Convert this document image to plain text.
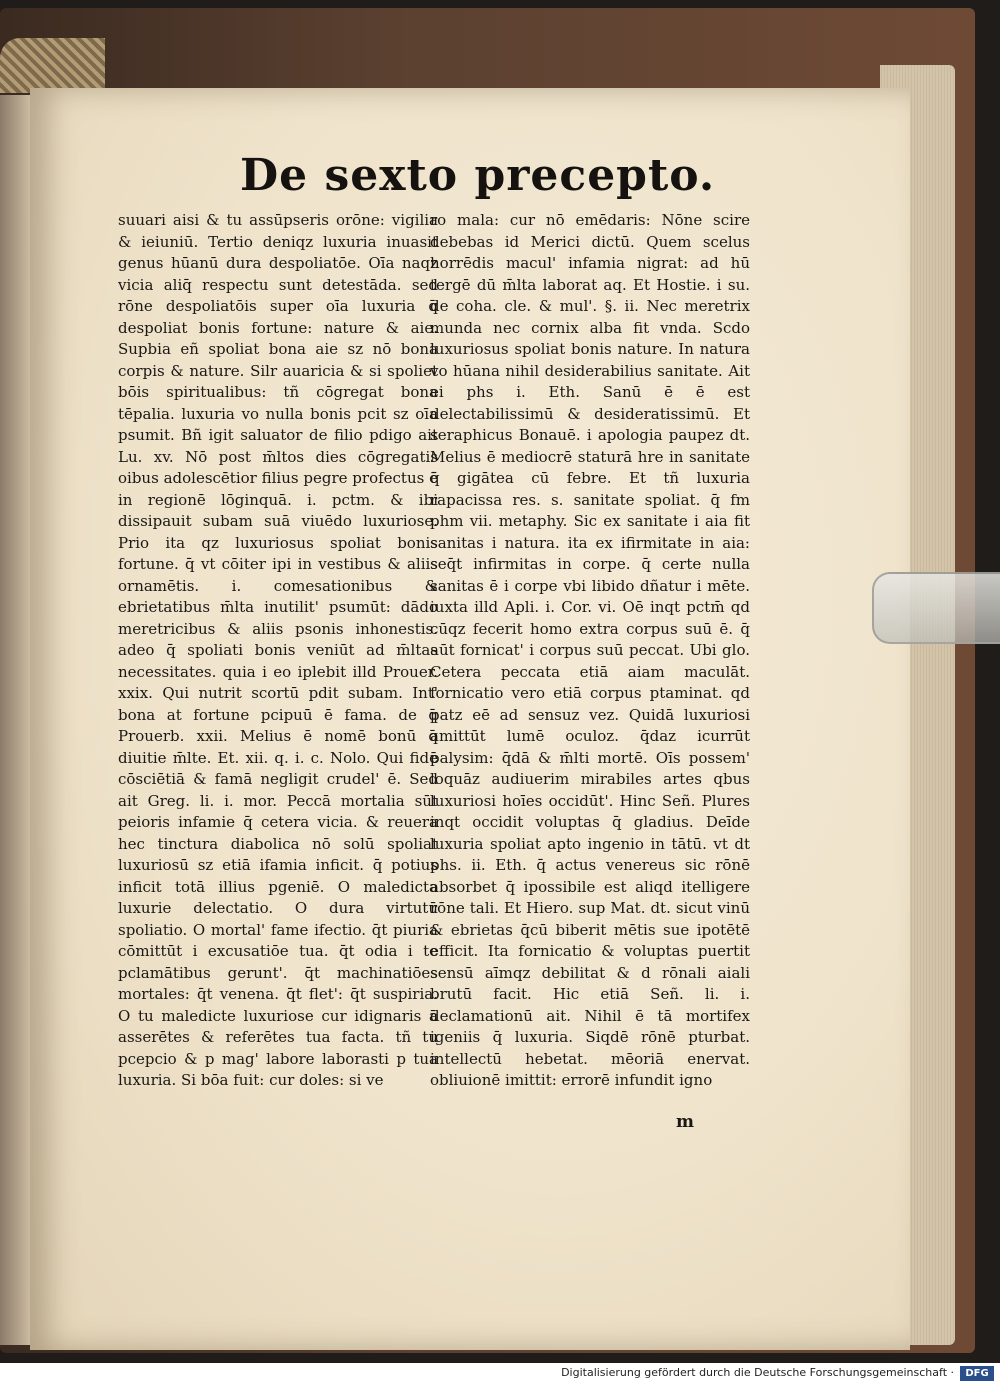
De sexto precepto.

suuari aisi & tu assūpseris orōne: vigilia & ieiuniū. Tertio deniqz luxuria inuasit genus hūanū dura despoliatōe. Oīa naqz vicia aliq̄ respectu sunt detestāda. sed rōne despoliatōis super oīa luxuria q̄ despoliat bonis fortune: nature & aie. Supbia eñ spoliat bona aie sz nō bona corpis & nature. Silr auaricia & si spoliet bōis spiritualibus: tñ cōgregat bona tēpalia. luxuria vo nulla bonis pcit sz oīa psumit. Bñ igit saluator de filio pdigo ait Lu. xv. Nō post m̄ltos dies cōgregatis oibus adolescētior filius pegre profectus ē in regionē lōginquā. i. pctm. & ibi dissipauit subam suā viuēdo luxuriose. Prio ita qz luxuriosus spoliat bonis fortune. q̄ vt cōiter ipi in vestibus & aliis ornamētis. i. comesationibus & ebrietatibus m̄lta inutilit' psumūt: dādo meretricibus & aliis psonis inhonestis. adeo q̄ spoliati bonis veniūt ad m̄ltas necessitates. quia i eo iplebit illd Prouer. xxix. Qui nutrit scortū pdit subam. Int' bona at fortune pcipuū ē fama. de q̄ Prouerb. xxii. Melius ē nomē bonū q̄ diuitie m̄lte. Et. xii. q. i. c. Nolo. Qui fidē cōsciētiā & famā negligit crudel' ē. Sed ait Greg. li. i. mor. Peccā mortalia sūt peioris infamie q̄ cetera vicia. & reuera hec tinctura diabolica nō solū spoliat luxuriosū sz etiā ifamia inficit. q̄ potius inficit totā illius pgeniē. O maledicta luxurie delectatio. O dura virtutū spoliatio. O mortal' fame ifectio. q̄t piuria cōmittūt i excusatiōe tua. q̄t odia i te pclamātibus gerunt'. q̄t machinatiōes mortales: q̄t venena. q̄t flet': q̄t suspiria. O tu maledicte luxuriose cur idignaris ā asserētes & referētes tua facta. tñ tu pcepcio & p mag' labore laborasti p tua luxuria. Si bōa fuit: cur doles: si ve

ro mala: cur nō emēdaris: Nōne scire debebas id Merici dictū. Quem scelus horrēdis macul' infamia nigrat: ad hū tergē dū m̄lta laborat aq. Et Hostie. i su. de coha. cle. & mul'. §. ii. Nec meretrix munda nec cornix alba fit vnda. Scdo luxuriosus spoliat bonis nature. In natura vo hūana nihil desiderabilius sanitate. Ait ei phs i. Eth. Sanū ē ē est delectabilissimū & desideratissimū. Et seraphicus Bonauē. i apologia paupez dt. Melius ē mediocrē staturā hre in sanitate q̄ gigātea cū febre. Et tñ luxuria rapacissa res. s. sanitate spoliat. q̄ fm phm vii. metaphy. Sic ex sanitate i aia fit sanitas i natura. ita ex ifirmitate in aia: seq̄t infirmitas in corpe. q̄ certe nulla sanitas ē i corpe vbi libido dñatur i mēte. iuxta illd Apli. i. Cor. vi. Oē inqt pctm̄ qd cūqz fecerit homo extra corpus suū ē. q̄ aūt fornicat' i corpus suū peccat. Ubi glo. Cetera peccata etiā aiam maculāt. fornicatio vero etiā corpus ptaminat. qd patz eē ad sensuz vez. Quidā luxuriosi amittūt lumē oculoz. q̄daz icurrūt palysim: q̄dā & m̄lti mortē. Oīs possem' loquāz audiuerim mirabiles artes qbus luxuriosi hoīes occidūt'. Hinc Señ. Plures inqt occidit voluptas q̄ gladius. Deīde luxuria spoliat apto ingenio in tātū. vt dt phs. ii. Eth. q̄ actus venereus sic rōnē absorbet q̄ ipossibile est aliqd itelligere rōne tali. Et Hiero. sup Mat. dt. sicut vinū & ebrietas q̄cū biberit mētis sue ipotētē efficit. Ita fornicatio & voluptas puertit sensū aīmqz debilitat & d rōnali aiali brutū facit. Hic etiā Señ. li. i. declamationū ait. Nihil ē tā mortifex igeniis q̄ luxuria. Siqdē rōnē pturbat. intellectū hebetat. mēoriā enervat. obliuionē imittit: errorē infundit igno

m
Digitalisierung gefördert durch die Deutsche Forschungsgemeinschaft ·	DFG
